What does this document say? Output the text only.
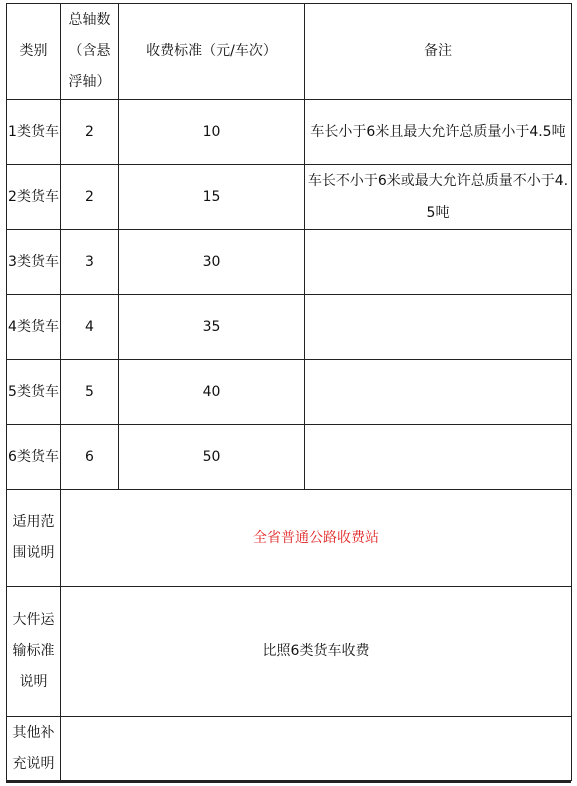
类别	总轴数（含悬浮轴）	收费标准（元/车次）	备注
1类货车	2	10	车长小于6米且最大允许总质量小于4.5吨
2类货车	2	15	车长不小于6米或最大允许总质量不小于4.5吨
3类货车	3	30	
4类货车	4	35	
5类货车	5	40	
6类货车	6	50	
适用范围说明	全省普通公路收费站		
大件运输标准说明	比照6类货车收费		
其他补充说明			
